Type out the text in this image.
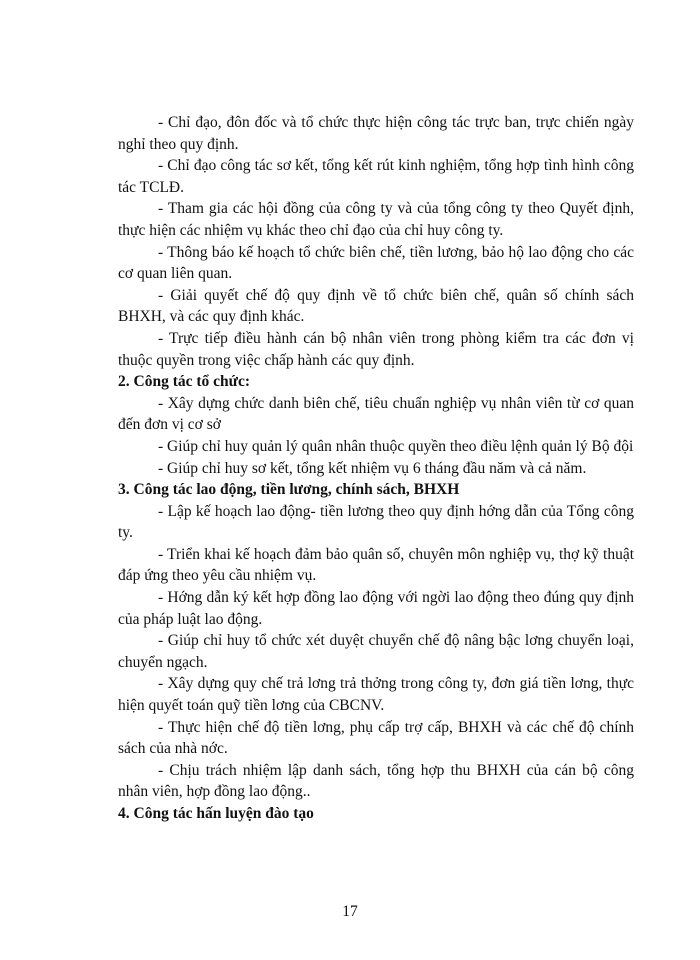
- Chỉ đạo, đôn đốc và tổ chức thực hiện công tác trực ban, trực chiến ngày nghỉ theo quy định.

- Chỉ đạo công tác sơ kết, tổng kết rút kinh nghiệm, tổng hợp tình hình công tác TCLĐ.

- Tham gia các hội đồng của công ty và của tổng công ty theo Quyết định, thực hiện các nhiệm vụ khác theo chỉ đạo của chỉ huy công ty.

- Thông báo kế hoạch tổ chức biên chế, tiền lương, bảo hộ lao động cho các cơ quan liên quan.

- Giải quyết chế độ quy định về tổ chức biên chế, quân số chính sách BHXH, và các quy định khác.

- Trực tiếp điều hành cán bộ nhân viên trong phòng kiểm tra các đơn vị thuộc quyền trong việc chấp hành các quy định.

2. Công tác tổ chức:

- Xây dựng chức danh biên chế, tiêu chuẩn nghiệp vụ nhân viên từ cơ quan đến đơn vị cơ sở

- Giúp chỉ huy quản lý quân nhân thuộc quyền theo điều lệnh quản lý Bộ đội

- Giúp chỉ huy sơ kết, tổng kết nhiệm vụ 6 tháng đầu năm và cả năm.

3. Công tác lao động, tiền lương, chính sách, BHXH

- Lập kế hoạch lao động- tiền lương theo quy định hớng dẫn của Tổng công ty.

- Triển khai kế hoạch đảm bảo quân số, chuyên môn nghiệp vụ, thợ kỹ thuật đáp ứng theo yêu cầu nhiệm vụ.

- Hớng dẫn ký kết hợp đồng lao động với ngời lao động theo đúng quy định của pháp luật lao động.

- Giúp chỉ huy tổ chức xét duyệt chuyển chế độ nâng bậc lơng chuyển loại, chuyển ngạch.

- Xây dựng quy chế trả lơng trả thởng trong công ty, đơn giá tiền lơng, thực hiện quyết toán quỹ tiền lơng của CBCNV.

- Thực hiện chế độ tiền lơng, phụ cấp trợ cấp, BHXH và các chế độ chính sách của nhà nớc.

- Chịu trách nhiệm lập danh sách, tổng hợp thu BHXH của cán bộ công nhân viên, hợp đồng lao động..

4. Công tác hấn luyện đào tạo

17
